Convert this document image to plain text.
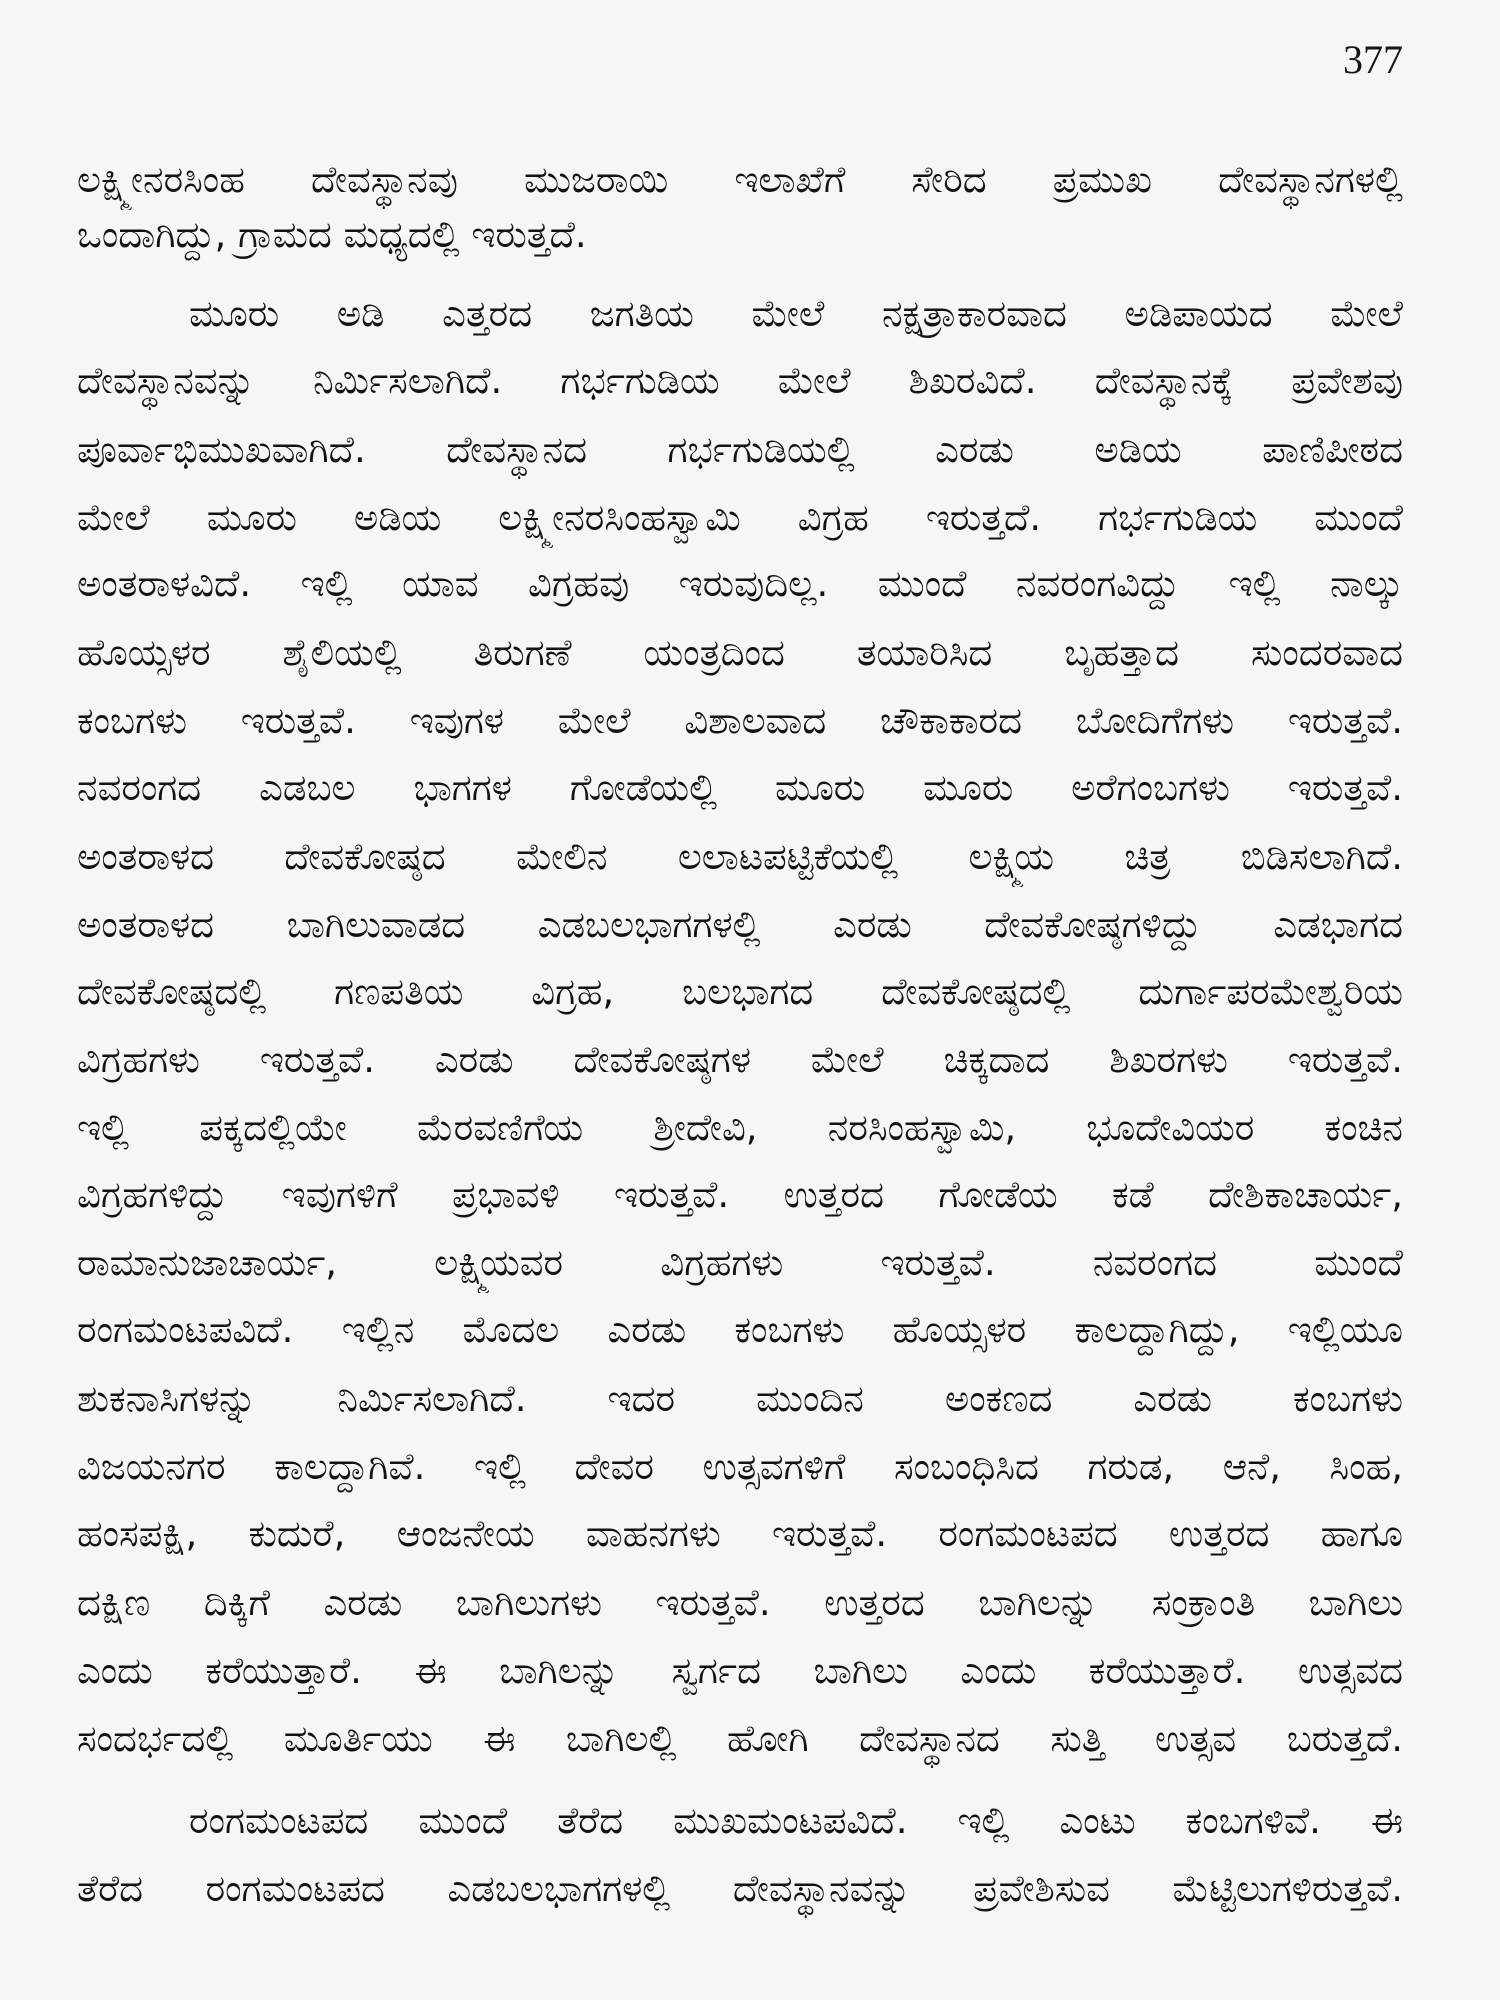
377
ಲಕ್ಷ್ಮೀನರಸಿಂಹ ದೇವಸ್ಥಾನವು ಮುಜರಾಯಿ ಇಲಾಖೆಗೆ ಸೇರಿದ ಪ್ರಮುಖ ದೇವಸ್ಥಾನಗಳಲ್ಲಿ
ಒಂದಾಗಿದ್ದು, ಗ್ರಾಮದ ಮಧ್ಯದಲ್ಲಿ ಇರುತ್ತದೆ.
ಮೂರು ಅಡಿ ಎತ್ತರದ ಜಗತಿಯ ಮೇಲೆ ನಕ್ಷತ್ರಾಕಾರವಾದ ಅಡಿಪಾಯದ ಮೇಲೆ
ದೇವಸ್ಥಾನವನ್ನು ನಿರ್ಮಿಸಲಾಗಿದೆ. ಗರ್ಭಗುಡಿಯ ಮೇಲೆ ಶಿಖರವಿದೆ. ದೇವಸ್ಥಾನಕ್ಕೆ ಪ್ರವೇಶವು
ಪೂರ್ವಾಭಿಮುಖವಾಗಿದೆ. ದೇವಸ್ಥಾನದ ಗರ್ಭಗುಡಿಯಲ್ಲಿ ಎರಡು ಅಡಿಯ ಪಾಣಿಪೀಠದ
ಮೇಲೆ ಮೂರು ಅಡಿಯ ಲಕ್ಷ್ಮೀನರಸಿಂಹಸ್ವಾಮಿ ವಿಗ್ರಹ ಇರುತ್ತದೆ. ಗರ್ಭಗುಡಿಯ ಮುಂದೆ
ಅಂತರಾಳವಿದೆ. ಇಲ್ಲಿ ಯಾವ ವಿಗ್ರಹವು ಇರುವುದಿಲ್ಲ. ಮುಂದೆ ನವರಂಗವಿದ್ದು ಇಲ್ಲಿ ನಾಲ್ಕು
ಹೊಯ್ಸಳರ ಶೈಲಿಯಲ್ಲಿ ತಿರುಗಣೆ ಯಂತ್ರದಿಂದ ತಯಾರಿಸಿದ ಬೃಹತ್ತಾದ ಸುಂದರವಾದ
ಕಂಬಗಳು ಇರುತ್ತವೆ. ಇವುಗಳ ಮೇಲೆ ವಿಶಾಲವಾದ ಚೌಕಾಕಾರದ ಬೋದಿಗೆಗಳು ಇರುತ್ತವೆ.
ನವರಂಗದ ಎಡಬಲ ಭಾಗಗಳ ಗೋಡೆಯಲ್ಲಿ ಮೂರು ಮೂರು ಅರೆಗಂಬಗಳು ಇರುತ್ತವೆ.
ಅಂತರಾಳದ ದೇವಕೋಷ್ಠದ ಮೇಲಿನ ಲಲಾಟಪಟ್ಟಿಕೆಯಲ್ಲಿ ಲಕ್ಷ್ಮಿಯ ಚಿತ್ರ ಬಿಡಿಸಲಾಗಿದೆ.
ಅಂತರಾಳದ ಬಾಗಿಲುವಾಡದ ಎಡಬಲಭಾಗಗಳಲ್ಲಿ ಎರಡು ದೇವಕೋಷ್ಠಗಳಿದ್ದು ಎಡಭಾಗದ
ದೇವಕೋಷ್ಠದಲ್ಲಿ ಗಣಪತಿಯ ವಿಗ್ರಹ, ಬಲಭಾಗದ ದೇವಕೋಷ್ಠದಲ್ಲಿ ದುರ್ಗಾಪರಮೇಶ್ವರಿಯ
ವಿಗ್ರಹಗಳು ಇರುತ್ತವೆ. ಎರಡು ದೇವಕೋಷ್ಠಗಳ ಮೇಲೆ ಚಿಕ್ಕದಾದ ಶಿಖರಗಳು ಇರುತ್ತವೆ.
ಇಲ್ಲಿ ಪಕ್ಕದಲ್ಲಿಯೇ ಮೆರವಣಿಗೆಯ ಶ್ರೀದೇವಿ, ನರಸಿಂಹಸ್ವಾಮಿ, ಭೂದೇವಿಯರ ಕಂಚಿನ
ವಿಗ್ರಹಗಳಿದ್ದು ಇವುಗಳಿಗೆ ಪ್ರಭಾವಳಿ ಇರುತ್ತವೆ. ಉತ್ತರದ ಗೋಡೆಯ ಕಡೆ ದೇಶಿಕಾಚಾರ್ಯ,
ರಾಮಾನುಜಾಚಾರ್ಯ, ಲಕ್ಷ್ಮಿಯವರ ವಿಗ್ರಹಗಳು ಇರುತ್ತವೆ. ನವರಂಗದ ಮುಂದೆ
ರಂಗಮಂಟಪವಿದೆ. ಇಲ್ಲಿನ ಮೊದಲ ಎರಡು ಕಂಬಗಳು ಹೊಯ್ಸಳರ ಕಾಲದ್ದಾಗಿದ್ದು, ಇಲ್ಲಿಯೂ
ಶುಕನಾಸಿಗಳನ್ನು ನಿರ್ಮಿಸಲಾಗಿದೆ. ಇದರ ಮುಂದಿನ ಅಂಕಣದ ಎರಡು ಕಂಬಗಳು
ವಿಜಯನಗರ ಕಾಲದ್ದಾಗಿವೆ. ಇಲ್ಲಿ ದೇವರ ಉತ್ಸವಗಳಿಗೆ ಸಂಬಂಧಿಸಿದ ಗರುಡ, ಆನೆ, ಸಿಂಹ,
ಹಂಸಪಕ್ಷಿ, ಕುದುರೆ, ಆಂಜನೇಯ ವಾಹನಗಳು ಇರುತ್ತವೆ. ರಂಗಮಂಟಪದ ಉತ್ತರದ ಹಾಗೂ
ದಕ್ಷಿಣ ದಿಕ್ಕಿಗೆ ಎರಡು ಬಾಗಿಲುಗಳು ಇರುತ್ತವೆ. ಉತ್ತರದ ಬಾಗಿಲನ್ನು ಸಂಕ್ರಾಂತಿ ಬಾಗಿಲು
ಎಂದು ಕರೆಯುತ್ತಾರೆ. ಈ ಬಾಗಿಲನ್ನು ಸ್ವರ್ಗದ ಬಾಗಿಲು ಎಂದು ಕರೆಯುತ್ತಾರೆ. ಉತ್ಸವದ
ಸಂದರ್ಭದಲ್ಲಿ ಮೂರ್ತಿಯು ಈ ಬಾಗಿಲಲ್ಲಿ ಹೋಗಿ ದೇವಸ್ಥಾನದ ಸುತ್ತಿ ಉತ್ಸವ ಬರುತ್ತದೆ.
ರಂಗಮಂಟಪದ ಮುಂದೆ ತೆರೆದ ಮುಖಮಂಟಪವಿದೆ. ಇಲ್ಲಿ ಎಂಟು ಕಂಬಗಳಿವೆ. ಈ
ತೆರೆದ ರಂಗಮಂಟಪದ ಎಡಬಲಭಾಗಗಳಲ್ಲಿ ದೇವಸ್ಥಾನವನ್ನು ಪ್ರವೇಶಿಸುವ ಮೆಟ್ಟಿಲುಗಳಿರುತ್ತವೆ.
